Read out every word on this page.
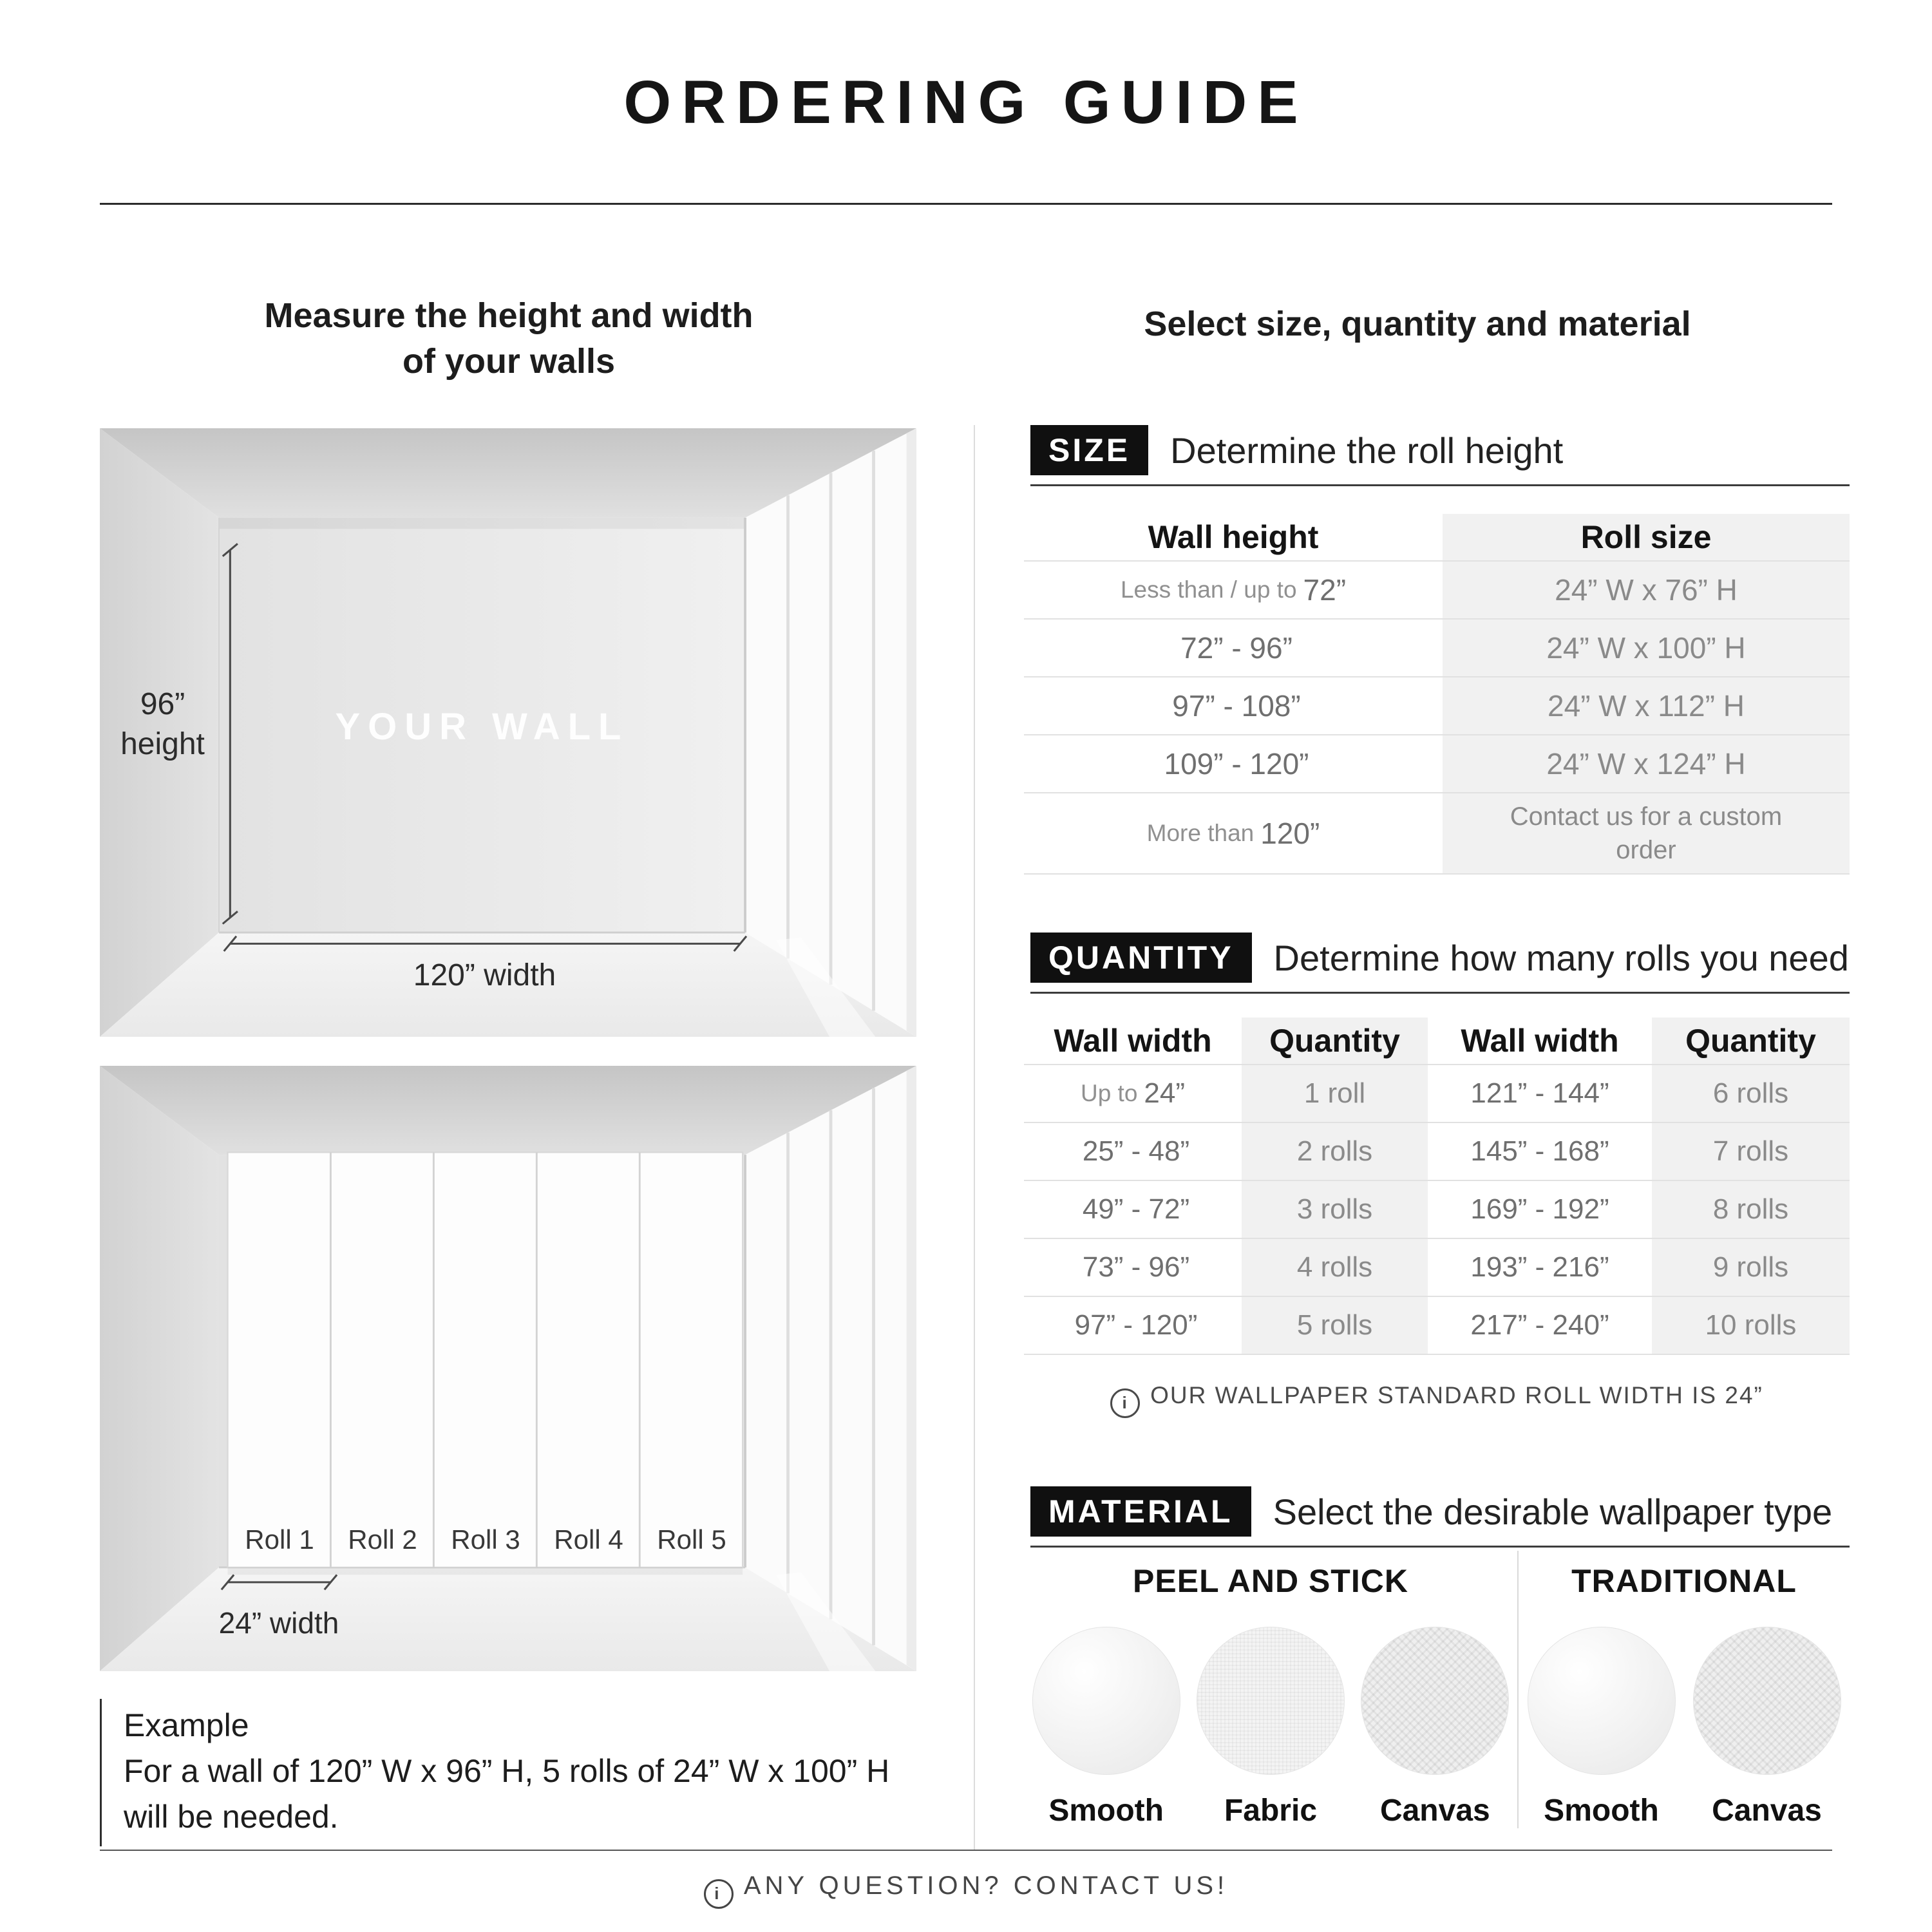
ORDERING GUIDE
Measure the height and width
of your walls
Select size, quantity and material
96”
height	YOUR WALL
120” width
Roll 1	Roll 2	Roll 3	Roll 4	Roll 5
24” width
Example
For a wall of 120” W x 96” H, 5 rolls of 24” W x 100” H
will be needed.
SIZE	Determine the roll height
Wall height	Roll size
Less than / up to 72”	24” W x 76” H
72” - 96”	24” W x 100” H
97” - 108”	24” W x 112” H
109” - 120”	24” W x 124” H
More than 120”	Contact us for a custom order
QUANTITY	Determine how many rolls you need
Wall width	Quantity	Wall width	Quantity
Up to 24”	1 roll	121” - 144”	6 rolls
25” - 48”	2 rolls	145” - 168”	7 rolls
49” - 72”	3 rolls	169” - 192”	8 rolls
73” - 96”	4 rolls	193” - 216”	9 rolls
97” - 120”	5 rolls	217” - 240”	10 rolls
i OUR WALLPAPER STANDARD ROLL WIDTH IS 24”
MATERIAL	Select the desirable wallpaper type
PEEL AND STICK
Smooth	Fabric	Canvas
TRADITIONAL
Smooth	Canvas
i ANY QUESTION? CONTACT US!
